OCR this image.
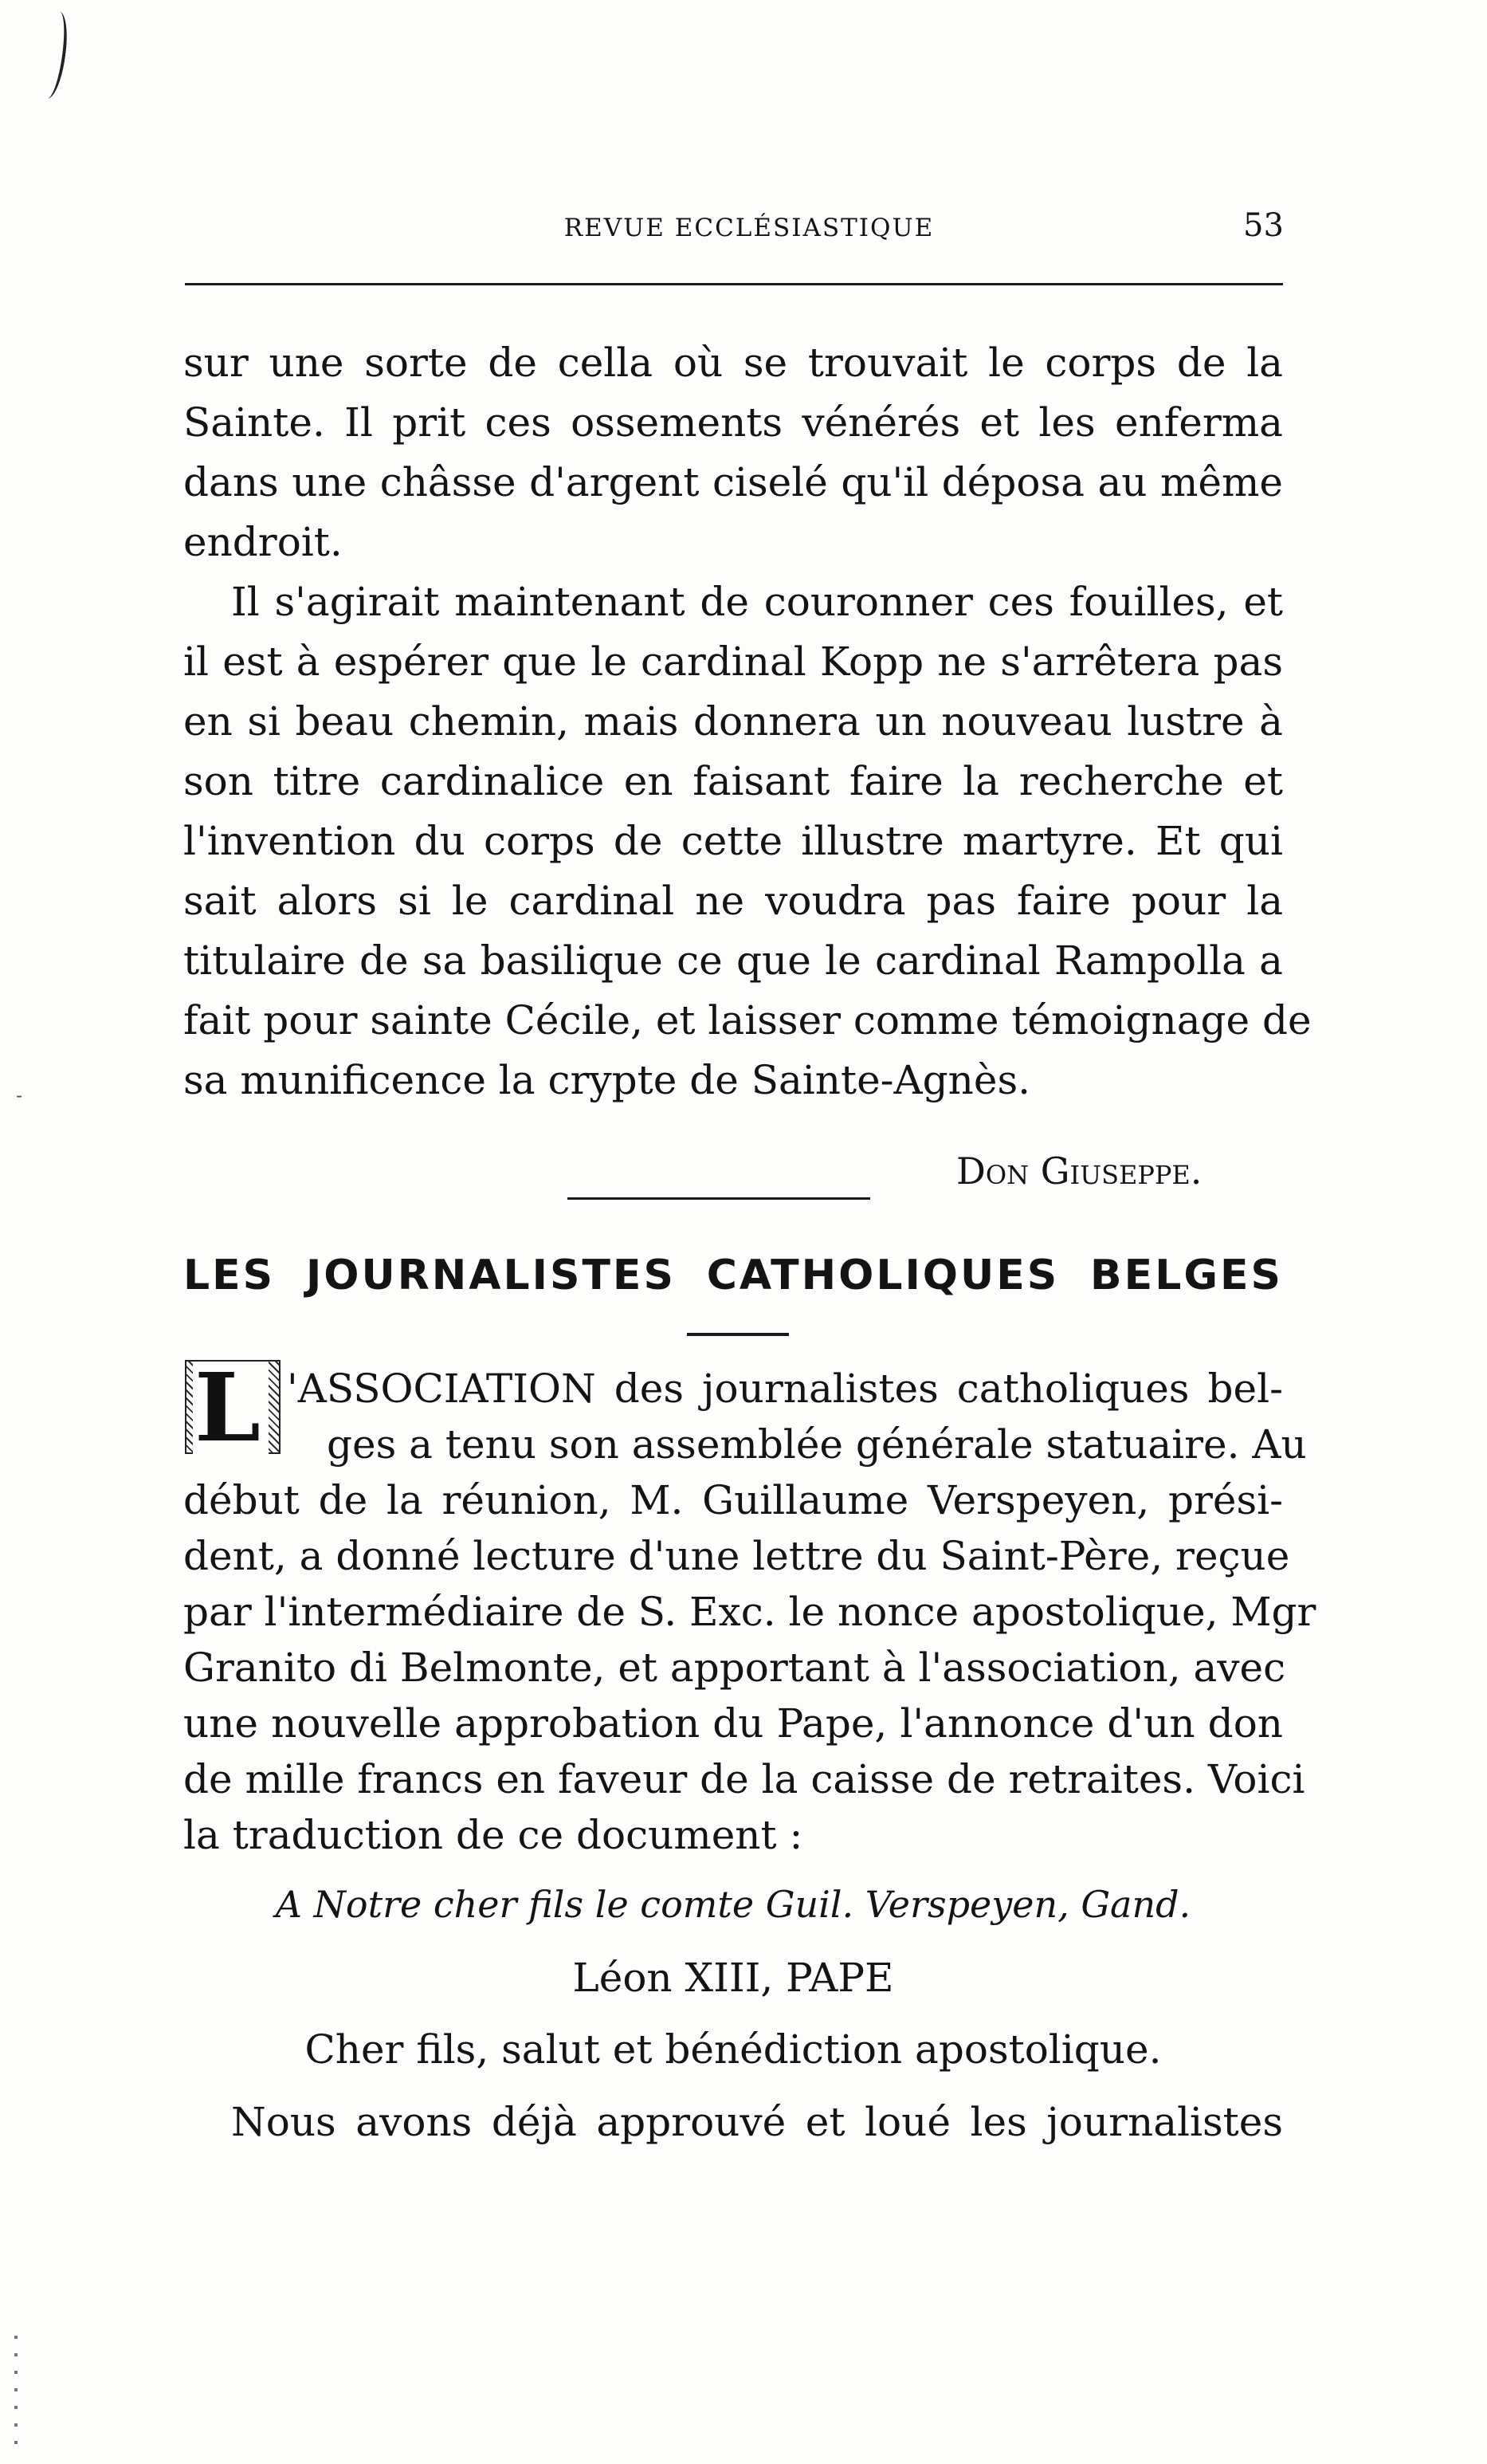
REVUE ECCLÉSIASTIQUE	53
sur une sorte de cella où se trouvait le corps de la
Sainte. Il prit ces ossements vénérés et les enferma
dans une châsse d'argent ciselé qu'il déposa au même
endroit.
Il s'agirait maintenant de couronner ces fouilles, et
il est à espérer que le cardinal Kopp ne s'arrêtera pas
en si beau chemin, mais donnera un nouveau lustre à
son titre cardinalice en faisant faire la recherche et
l'invention du corps de cette illustre martyre. Et qui
sait alors si le cardinal ne voudra pas faire pour la
titulaire de sa basilique ce que le cardinal Rampolla a
fait pour sainte Cécile, et laisser comme témoignage de
sa munificence la crypte de Sainte-Agnès.
-
Don Giuseppe.
LES JOURNALISTES CATHOLIQUES BELGES
L 'ASSOCIATION des journalistes catholiques bel-
ges a tenu son assemblée générale statuaire. Au
début de la réunion, M. Guillaume Verspeyen, prési-
dent, a donné lecture d'une lettre du Saint-Père, reçue
par l'intermédiaire de S. Exc. le nonce apostolique, Mgr
Granito di Belmonte, et apportant à l'association, avec
une nouvelle approbation du Pape, l'annonce d'un don
de mille francs en faveur de la caisse de retraites. Voici
la traduction de ce document :
A Notre cher fils le comte Guil. Verspeyen, Gand.
Léon XIII, PAPE
Cher fils, salut et bénédiction apostolique.
Nous avons déjà approuvé et loué les journalistes
